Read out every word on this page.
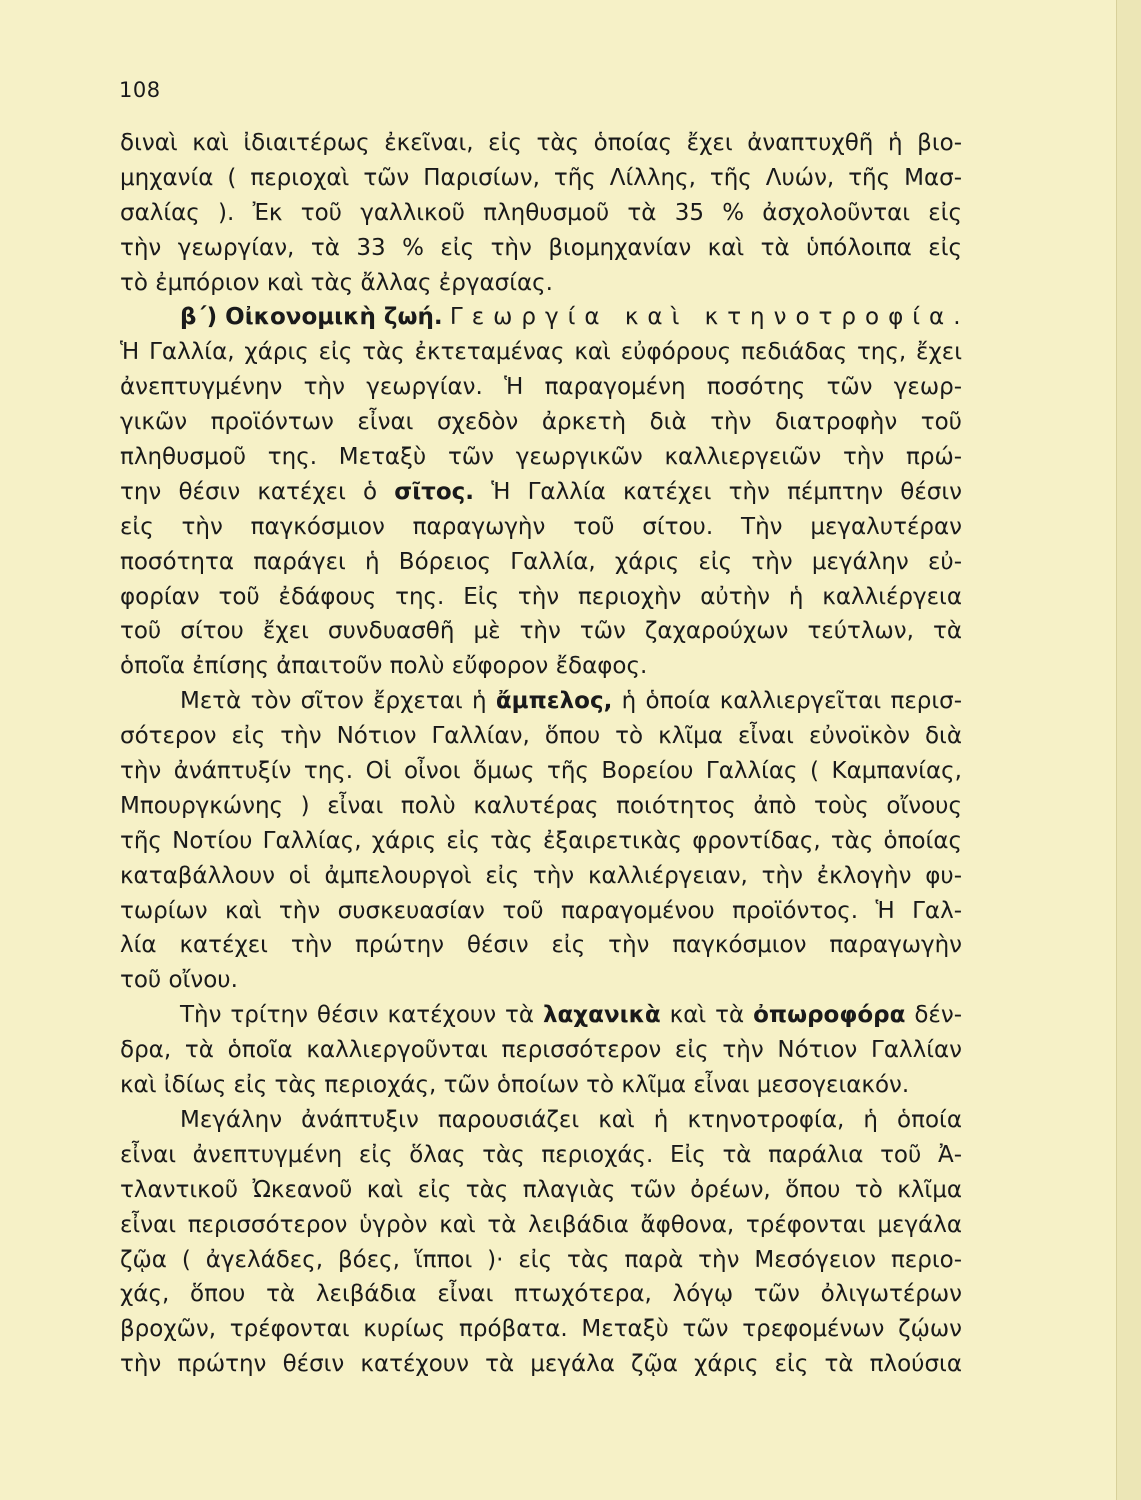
108
διναὶ καὶ ἰδιαιτέρως ἐκεῖναι, εἰς τὰς ὁποίας ἔχει ἀναπτυχθῆ ἡ βιο-
μηχανία ( περιοχαὶ τῶν Παρισίων, τῆς Λίλλης, τῆς Λυών, τῆς Μασ-
σαλίας ). Ἐκ τοῦ γαλλικοῦ πληθυσμοῦ τὰ 35 % ἀσχολοῦνται εἰς
τὴν γεωργίαν, τὰ 33 % εἰς τὴν βιομηχανίαν καὶ τὰ ὑπόλοιπα εἰς
τὸ ἐμπόριον καὶ τὰς ἄλλας ἐργασίας.
β΄) Οἰκονομικὴ ζωή. Γεωργία καὶ κτηνοτροφία.
Ἡ Γαλλία, χάρις εἰς τὰς ἐκτεταμένας καὶ εὐφόρους πεδιάδας της, ἔχει
ἀνεπτυγμένην τὴν γεωργίαν. Ἡ παραγομένη ποσότης τῶν γεωρ-
γικῶν προϊόντων εἶναι σχεδὸν ἀρκετὴ διὰ τὴν διατροφὴν τοῦ
πληθυσμοῦ της. Μεταξὺ τῶν γεωργικῶν καλλιεργειῶν τὴν πρώ-
την θέσιν κατέχει ὁ σῖτος. Ἡ Γαλλία κατέχει τὴν πέμπτην θέσιν
εἰς τὴν παγκόσμιον παραγωγὴν τοῦ σίτου. Τὴν μεγαλυτέραν
ποσότητα παράγει ἡ Βόρειος Γαλλία, χάρις εἰς τὴν μεγάλην εὐ-
φορίαν τοῦ ἐδάφους της. Εἰς τὴν περιοχὴν αὐτὴν ἡ καλλιέργεια
τοῦ σίτου ἔχει συνδυασθῆ μὲ τὴν τῶν ζαχαρούχων τεύτλων, τὰ
ὁποῖα ἐπίσης ἀπαιτοῦν πολὺ εὔφορον ἔδαφος.
Μετὰ τὸν σῖτον ἔρχεται ἡ ἄμπελος, ἡ ὁποία καλλιεργεῖται περισ-
σότερον εἰς τὴν Νότιον Γαλλίαν, ὅπου τὸ κλῖμα εἶναι εὐνοϊκὸν διὰ
τὴν ἀνάπτυξίν της. Οἱ οἶνοι ὅμως τῆς Βορείου Γαλλίας ( Καμπανίας,
Μπουργκώνης ) εἶναι πολὺ καλυτέρας ποιότητος ἀπὸ τοὺς οἴνους
τῆς Νοτίου Γαλλίας, χάρις εἰς τὰς ἐξαιρετικὰς φροντίδας, τὰς ὁποίας
καταβάλλουν οἱ ἀμπελουργοὶ εἰς τὴν καλλιέργειαν, τὴν ἐκλογὴν φυ-
τωρίων καὶ τὴν συσκευασίαν τοῦ παραγομένου προϊόντος. Ἡ Γαλ-
λία κατέχει τὴν πρώτην θέσιν εἰς τὴν παγκόσμιον παραγωγὴν
τοῦ οἴνου.
Τὴν τρίτην θέσιν κατέχουν τὰ λαχανικὰ καὶ τὰ ὀπωροφόρα δέν-
δρα, τὰ ὁποῖα καλλιεργοῦνται περισσότερον εἰς τὴν Νότιον Γαλλίαν
καὶ ἰδίως εἰς τὰς περιοχάς, τῶν ὁποίων τὸ κλῖμα εἶναι μεσογειακόν.
Μεγάλην ἀνάπτυξιν παρουσιάζει καὶ ἡ κτηνοτροφία, ἡ ὁποία
εἶναι ἀνεπτυγμένη εἰς ὅλας τὰς περιοχάς. Εἰς τὰ παράλια τοῦ Ἀ-
τλαντικοῦ Ὠκεανοῦ καὶ εἰς τὰς πλαγιὰς τῶν ὀρέων, ὅπου τὸ κλῖμα
εἶναι περισσότερον ὑγρὸν καὶ τὰ λειβάδια ἄφθονα, τρέφονται μεγάλα
ζῷα ( ἀγελάδες, βόες, ἵπποι )· εἰς τὰς παρὰ τὴν Μεσόγειον περιο-
χάς, ὅπου τὰ λειβάδια εἶναι πτωχότερα, λόγῳ τῶν ὀλιγωτέρων
βροχῶν, τρέφονται κυρίως πρόβατα. Μεταξὺ τῶν τρεφομένων ζῴων
τὴν πρώτην θέσιν κατέχουν τὰ μεγάλα ζῷα χάρις εἰς τὰ πλούσια
